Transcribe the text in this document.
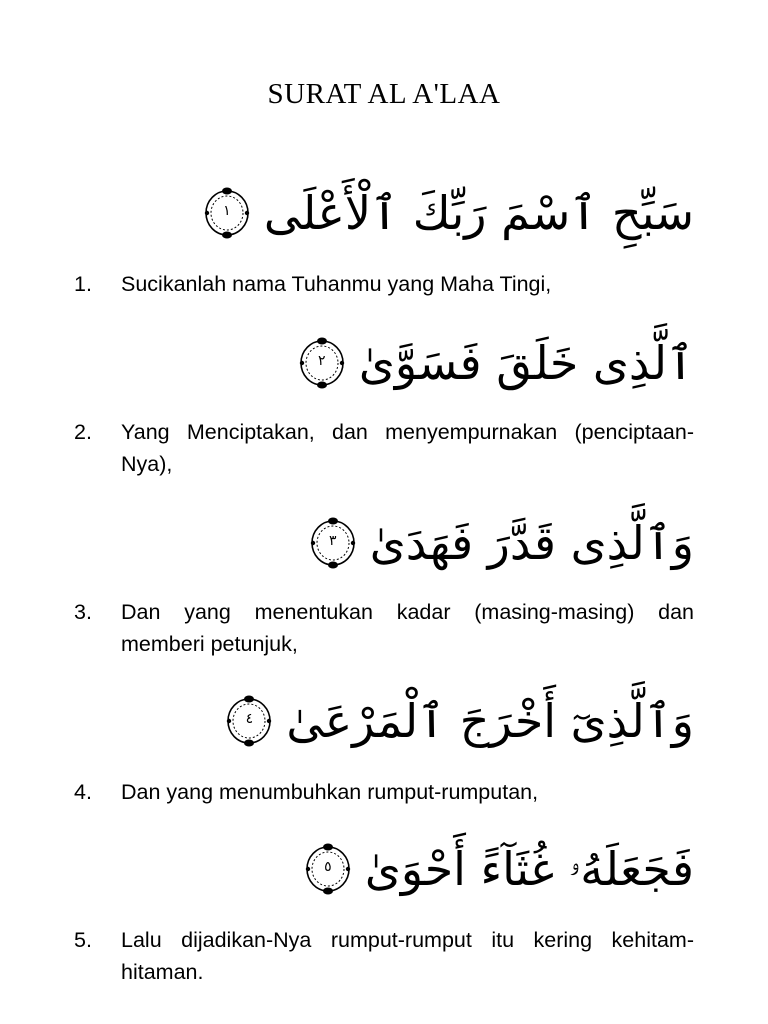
SURAT AL A'LAA
سَبِّحِ ٱسْمَ رَبِّكَ ٱلْأَعْلَى
١
1.	Sucikanlah nama Tuhanmu yang Maha Tingi,
ٱلَّذِى خَلَقَ فَسَوَّىٰ
٢
2.	Yang Menciptakan, dan menyempurnakan (penciptaan-Nya),
وَٱلَّذِى قَدَّرَ فَهَدَىٰ
٣
3.	Dan yang menentukan kadar (masing-masing) dan memberi petunjuk,
وَٱلَّذِىٓ أَخْرَجَ ٱلْمَرْعَىٰ
٤
4.	Dan yang menumbuhkan rumput-rumputan,
فَجَعَلَهُۥ غُثَآءً أَحْوَىٰ
٥
5.	Lalu dijadikan-Nya rumput-rumput itu kering kehitam-hitaman.
